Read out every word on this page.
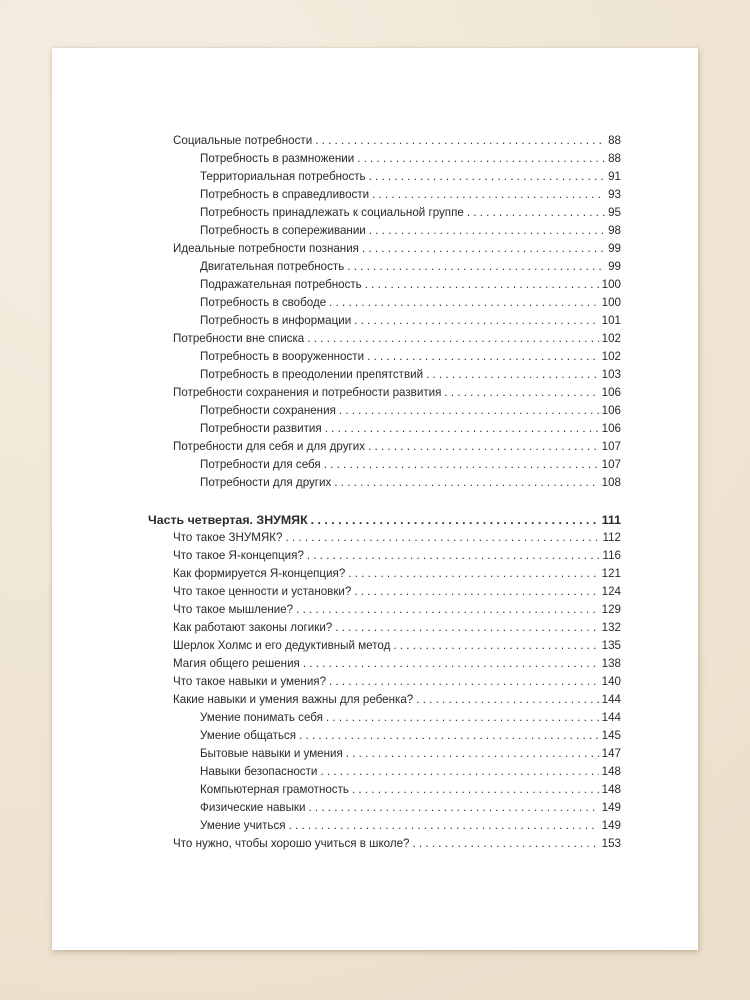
Социальные потребности . . .	88
Потребность в размножении . . .	88
Территориальная потребность . . .	91
Потребность в справедливости . . .	93
Потребность принадлежать к социальной группе . . .	95
Потребность в сопереживании . . .	98
Идеальные потребности познания . . .	99
Двигательная потребность . . .	99
Подражательная потребность . . .	100
Потребность в свободе . . .	100
Потребность в информации . . .	101
Потребности вне списка . . .	102
Потребность в вооруженности . . .	102
Потребность в преодолении препятствий . . .	103
Потребности сохранения и потребности развития . . .	106
Потребности сохранения . . .	106
Потребности развития . . .	106
Потребности для себя и для других . . .	107
Потребности для себя . . .	107
Потребности для других . . .	108
Часть четвертая. ЗНУМЯК . . .	111
Что такое ЗНУМЯК? . . .	112
Что такое Я-концепция? . . .	116
Как формируется Я-концепция? . . .	121
Что такое ценности и установки? . . .	124
Что такое мышление? . . .	129
Как работают законы логики? . . .	132
Шерлок Холмс и его дедуктивный метод . . .	135
Магия общего решения . . .	138
Что такое навыки и умения? . . .	140
Какие навыки и умения важны для ребенка? . . .	144
Умение понимать себя . . .	144
Умение общаться . . .	145
Бытовые навыки и умения . . .	147
Навыки безопасности . . .	148
Компьютерная грамотность . . .	148
Физические навыки . . .	149
Умение учиться . . .	149
Что нужно, чтобы хорошо учиться в школе? . . .	153
